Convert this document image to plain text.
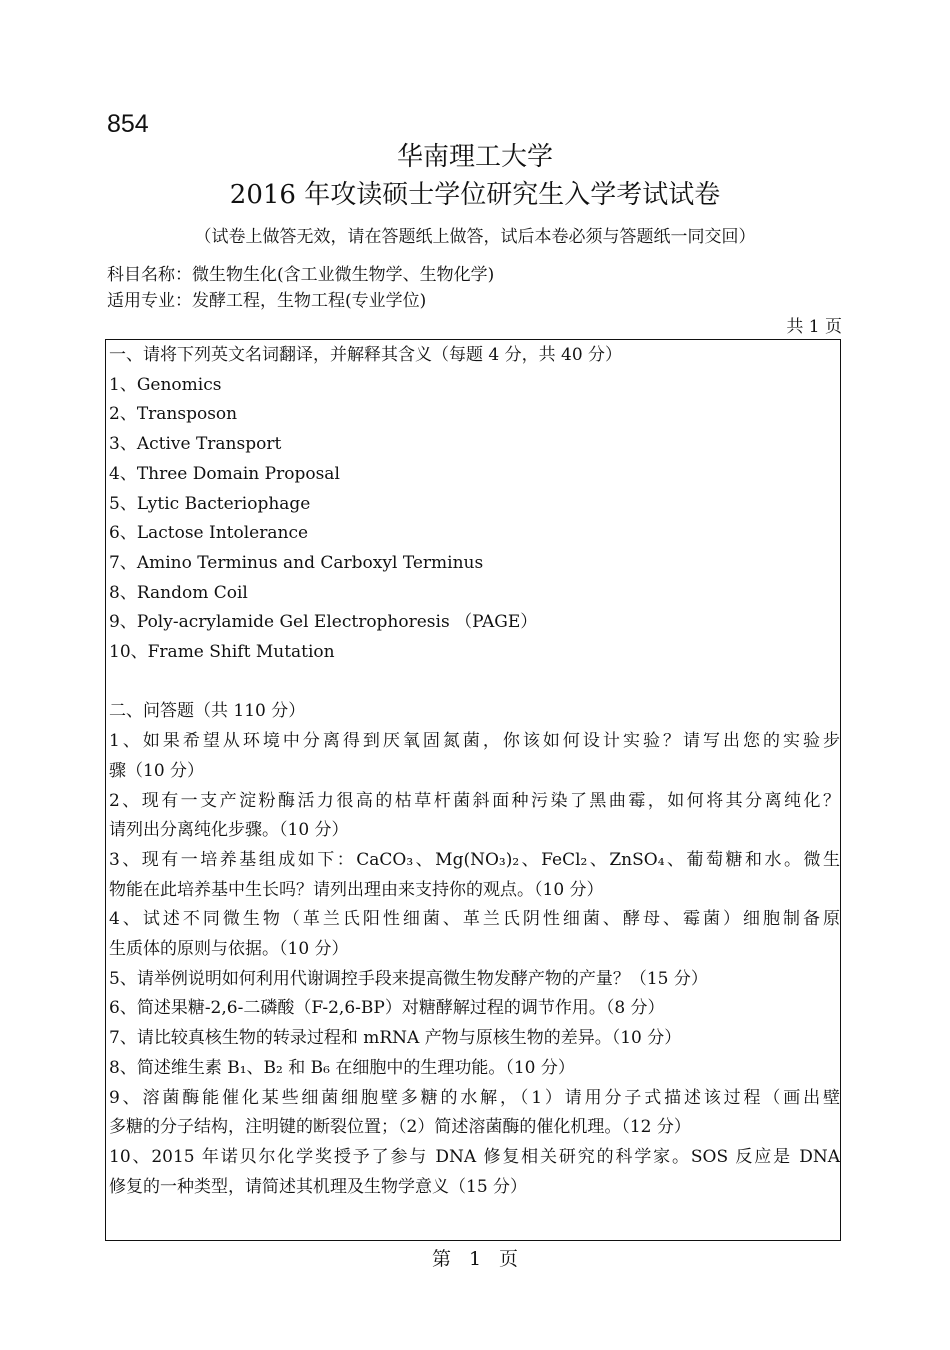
854
华南理工大学
2016 年攻读硕士学位研究生入学考试试卷
（试卷上做答无效，请在答题纸上做答，试后本卷必须与答题纸一同交回）
科目名称：微生物生化(含工业微生物学、生物化学)
适用专业：发酵工程，生物工程(专业学位)
共 1 页
一、请将下列英文名词翻译，并解释其含义（每题 4 分，共 40 分）
1、Genomics
2、Transposon
3、Active Transport
4、Three Domain Proposal
5、Lytic Bacteriophage
6、Lactose Intolerance
7、Amino Terminus and Carboxyl Terminus
8、Random Coil
9、Poly-acrylamide Gel Electrophoresis （PAGE）
10、Frame Shift Mutation
二、问答题（共 110 分）
1、如果希望从环境中分离得到厌氧固氮菌，你该如何设计实验？请写出您的实验步
骤（10 分）
2、现有一支产淀粉酶活力很高的枯草杆菌斜面种污染了黑曲霉，如何将其分离纯化？
请列出分离纯化步骤。（10 分）
3、现有一培养基组成如下：CaCO₃、Mg(NO₃)₂、FeCl₂、ZnSO₄、葡萄糖和水。微生
物能在此培养基中生长吗？请列出理由来支持你的观点。（10 分）
4、试述不同微生物（革兰氏阳性细菌、革兰氏阴性细菌、酵母、霉菌）细胞制备原
生质体的原则与依据。（10 分）
5、请举例说明如何利用代谢调控手段来提高微生物发酵产物的产量？（15 分）
6、简述果糖-2,6-二磷酸（F-2,6-BP）对糖酵解过程的调节作用。（8 分）
7、请比较真核生物的转录过程和 mRNA 产物与原核生物的差异。（10 分）
8、简述维生素 B₁、B₂ 和 B₆ 在细胞中的生理功能。（10 分）
9、溶菌酶能催化某些细菌细胞壁多糖的水解，（1）请用分子式描述该过程（画出壁
多糖的分子结构，注明键的断裂位置；（2）简述溶菌酶的催化机理。（12 分）
10、2015 年诺贝尔化学奖授予了参与 DNA 修复相关研究的科学家。SOS 反应是 DNA
修复的一种类型，请简述其机理及生物学意义（15 分）
第 1 页
